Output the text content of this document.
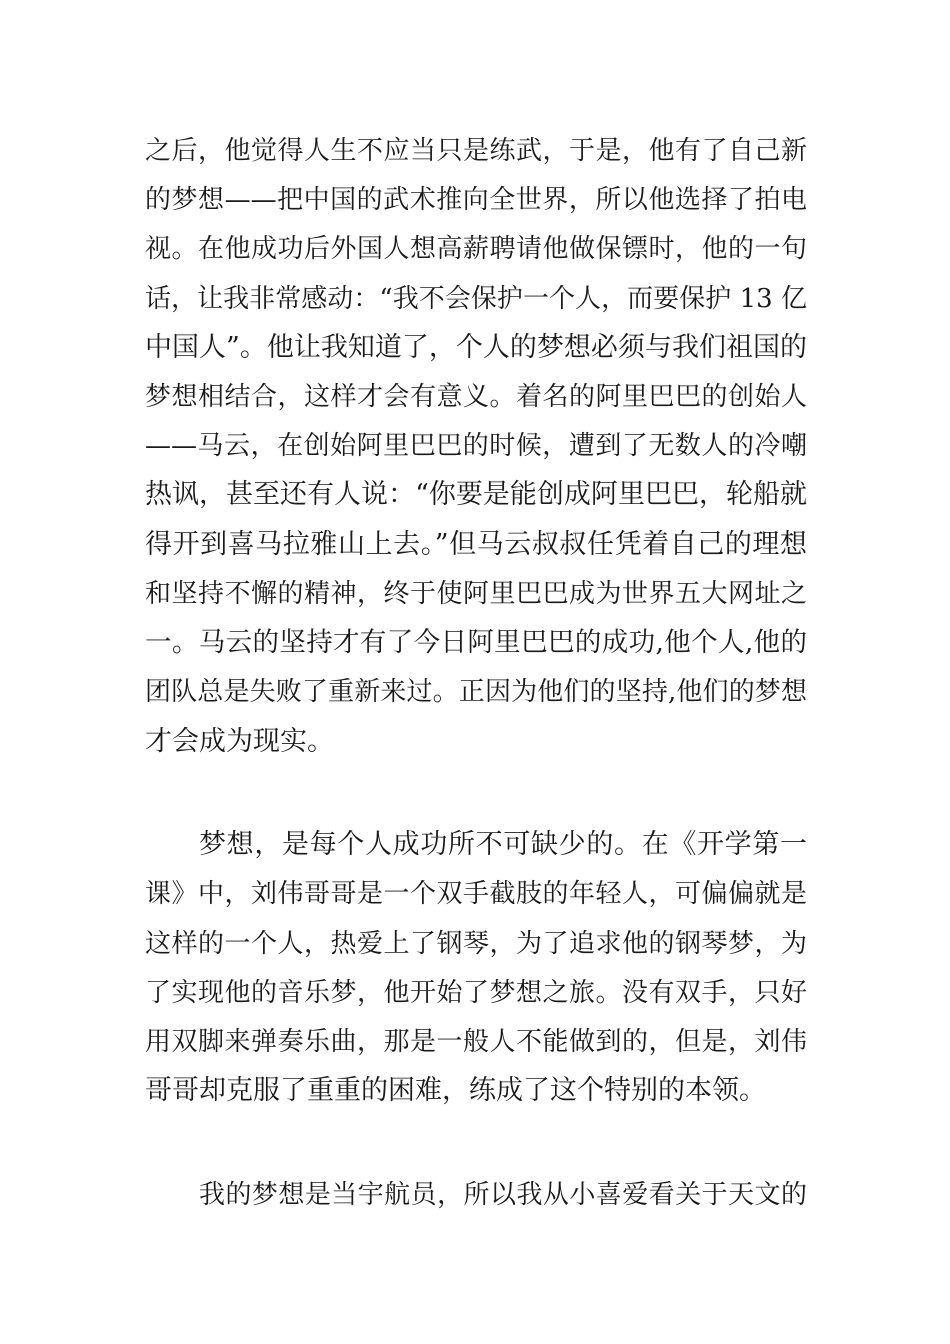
之后，他觉得人生不应当只是练武，于是，他有了自己新
的梦想——把中国的武术推向全世界，所以他选择了拍电
视。在他成功后外国人想高薪聘请他做保镖时，他的一句
话，让我非常感动：“我不会保护一个人，而要保护 13 亿
中国人”。他让我知道了，个人的梦想必须与我们祖国的
梦想相结合，这样才会有意义。着名的阿里巴巴的创始人
——马云，在创始阿里巴巴的时候，遭到了无数人的冷嘲
热讽，甚至还有人说：“你要是能创成阿里巴巴，轮船就
得开到喜马拉雅山上去。”但马云叔叔任凭着自己的理想
和坚持不懈的精神，终于使阿里巴巴成为世界五大网址之
一。马云的坚持才有了今日阿里巴巴的成功,他个人,他的
团队总是失败了重新来过。正因为他们的坚持,他们的梦想
才会成为现实。
梦想，是每个人成功所不可缺少的。在《开学第一
课》中，刘伟哥哥是一个双手截肢的年轻人，可偏偏就是
这样的一个人，热爱上了钢琴，为了追求他的钢琴梦，为
了实现他的音乐梦，他开始了梦想之旅。没有双手，只好
用双脚来弹奏乐曲，那是一般人不能做到的，但是，刘伟
哥哥却克服了重重的困难，练成了这个特别的本领。
我的梦想是当宇航员，所以我从小喜爱看关于天文的
